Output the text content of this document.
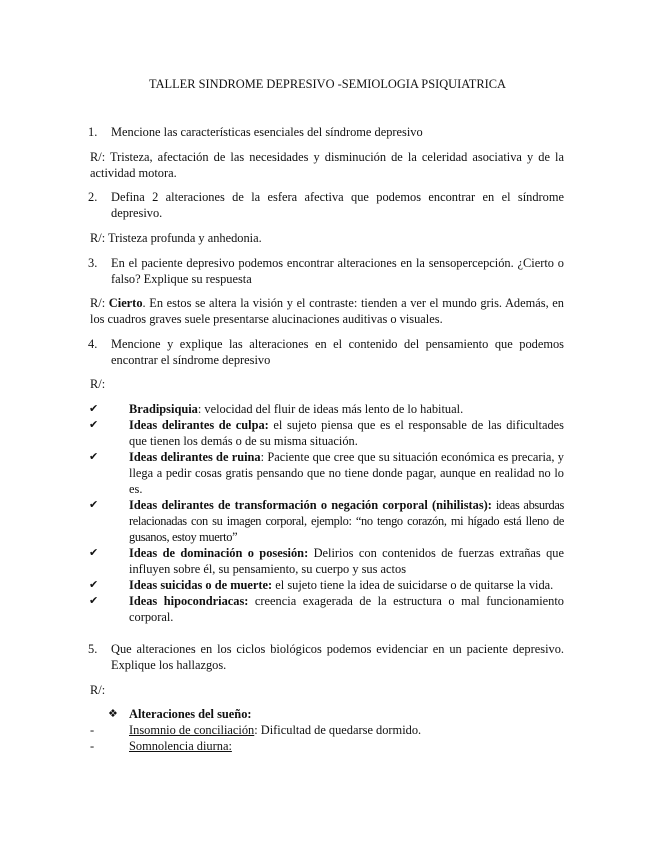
TALLER SINDROME DEPRESIVO -SEMIOLOGIA PSIQUIATRICA
1. Mencione las características esenciales del síndrome depresivo
R/: Tristeza, afectación de las necesidades y disminución de la celeridad asociativa y de la actividad motora.
2. Defina 2 alteraciones de la esfera afectiva que podemos encontrar en el síndrome depresivo.
R/: Tristeza profunda y anhedonia.
3. En el paciente depresivo podemos encontrar alteraciones en la sensopercepción. ¿Cierto o falso? Explique su respuesta
R/: Cierto. En estos se altera la visión y el contraste: tienden a ver el mundo gris. Además, en los cuadros graves suele presentarse alucinaciones auditivas o visuales.
4. Mencione y explique las alteraciones en el contenido del pensamiento que podemos encontrar el síndrome depresivo
R/:
✔	Bradipsiquia: velocidad del fluir de ideas más lento de lo habitual.
✔	Ideas delirantes de culpa: el sujeto piensa que es el responsable de las dificultades que tienen los demás o de su misma situación.
✔	Ideas delirantes de ruina: Paciente que cree que su situación económica es precaria, y llega a pedir cosas gratis pensando que no tiene donde pagar, aunque en realidad no lo es.
✔	Ideas delirantes de transformación o negación corporal (nihilistas): ideas absurdas relacionadas con su imagen corporal, ejemplo: “no tengo corazón, mi hígado está lleno de gusanos, estoy muerto”
✔	Ideas de dominación o posesión: Delirios con contenidos de fuerzas extrañas que influyen sobre él, su pensamiento, su cuerpo y sus actos
✔	Ideas suicidas o de muerte: el sujeto tiene la idea de suicidarse o de quitarse la vida.
✔	Ideas hipocondriacas: creencia exagerada de la estructura o mal funcionamiento corporal.
5. Que alteraciones en los ciclos biológicos podemos evidenciar en un paciente depresivo. Explique los hallazgos.
R/:
❖ Alteraciones del sueño:
-	Insomnio de conciliación: Dificultad de quedarse dormido.
-	Somnolencia diurna:
